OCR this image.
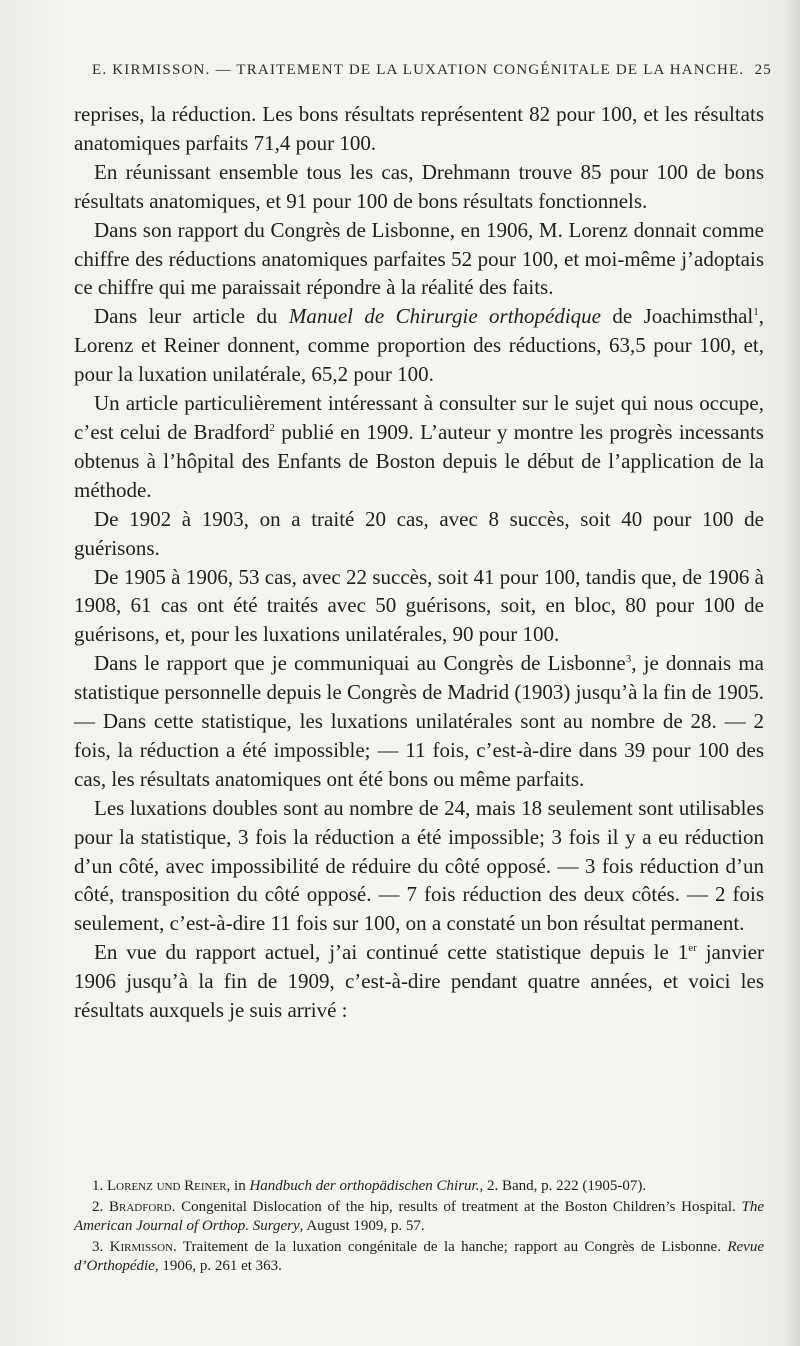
E. KIRMISSON. — TRAITEMENT DE LA LUXATION CONGÉNITALE DE LA HANCHE. 25

reprises, la réduction. Les bons résultats représentent 82 pour 100, et les résultats anatomiques parfaits 71,4 pour 100.

En réunissant ensemble tous les cas, Drehmann trouve 85 pour 100 de bons résultats anatomiques, et 91 pour 100 de bons résultats fonctionnels.

Dans son rapport du Congrès de Lisbonne, en 1906, M. Lorenz donnait comme chiffre des réductions anatomiques parfaites 52 pour 100, et moi-même j’adoptais ce chiffre qui me paraissait répondre à la réalité des faits.

Dans leur article du Manuel de Chirurgie orthopédique de Joachimsthal$^1$, Lorenz et Reiner donnent, comme proportion des réductions, 63,5 pour 100, et, pour la luxation unilatérale, 65,2 pour 100.

Un article particulièrement intéressant à consulter sur le sujet qui nous occupe, c’est celui de Bradford$^2$ publié en 1909. L’auteur y montre les progrès incessants obtenus à l’hôpital des Enfants de Boston depuis le début de l’application de la méthode.

De 1902 à 1903, on a traité 20 cas, avec 8 succès, soit 40 pour 100 de guérisons.

De 1905 à 1906, 53 cas, avec 22 succès, soit 41 pour 100, tandis que, de 1906 à 1908, 61 cas ont été traités avec 50 guérisons, soit, en bloc, 80 pour 100 de guérisons, et, pour les luxations unilatérales, 90 pour 100.

Dans le rapport que je communiquai au Congrès de Lisbonne$^3$, je donnais ma statistique personnelle depuis le Congrès de Madrid (1903) jusqu’à la fin de 1905. — Dans cette statistique, les luxations unilatérales sont au nombre de 28. — 2 fois, la réduction a été impossible; — 11 fois, c’est-à-dire dans 39 pour 100 des cas, les résultats anatomiques ont été bons ou même parfaits.

Les luxations doubles sont au nombre de 24, mais 18 seulement sont utilisables pour la statistique, 3 fois la réduction a été impossible; 3 fois il y a eu réduction d’un côté, avec impossibilité de réduire du côté opposé. — 3 fois réduction d’un côté, transposition du côté opposé. — 7 fois réduction des deux côtés. — 2 fois seulement, c’est-à-dire 11 fois sur 100, on a constaté un bon résultat permanent.

En vue du rapport actuel, j’ai continué cette statistique depuis le 1er janvier 1906 jusqu’à la fin de 1909, c’est-à-dire pendant quatre années, et voici les résultats auxquels je suis arrivé :

1. Lorenz und Reiner, in Handbuch der orthopädischen Chirur., 2. Band, p. 222 (1905-07).

2. Bradford. Congenital Dislocation of the hip, results of treatment at the Boston Children’s Hospital. The American Journal of Orthop. Surgery, August 1909, p. 57.

3. Kirmisson. Traitement de la luxation congénitale de la hanche; rapport au Congrès de Lisbonne. Revue d’Orthopédie, 1906, p. 261 et 363.
